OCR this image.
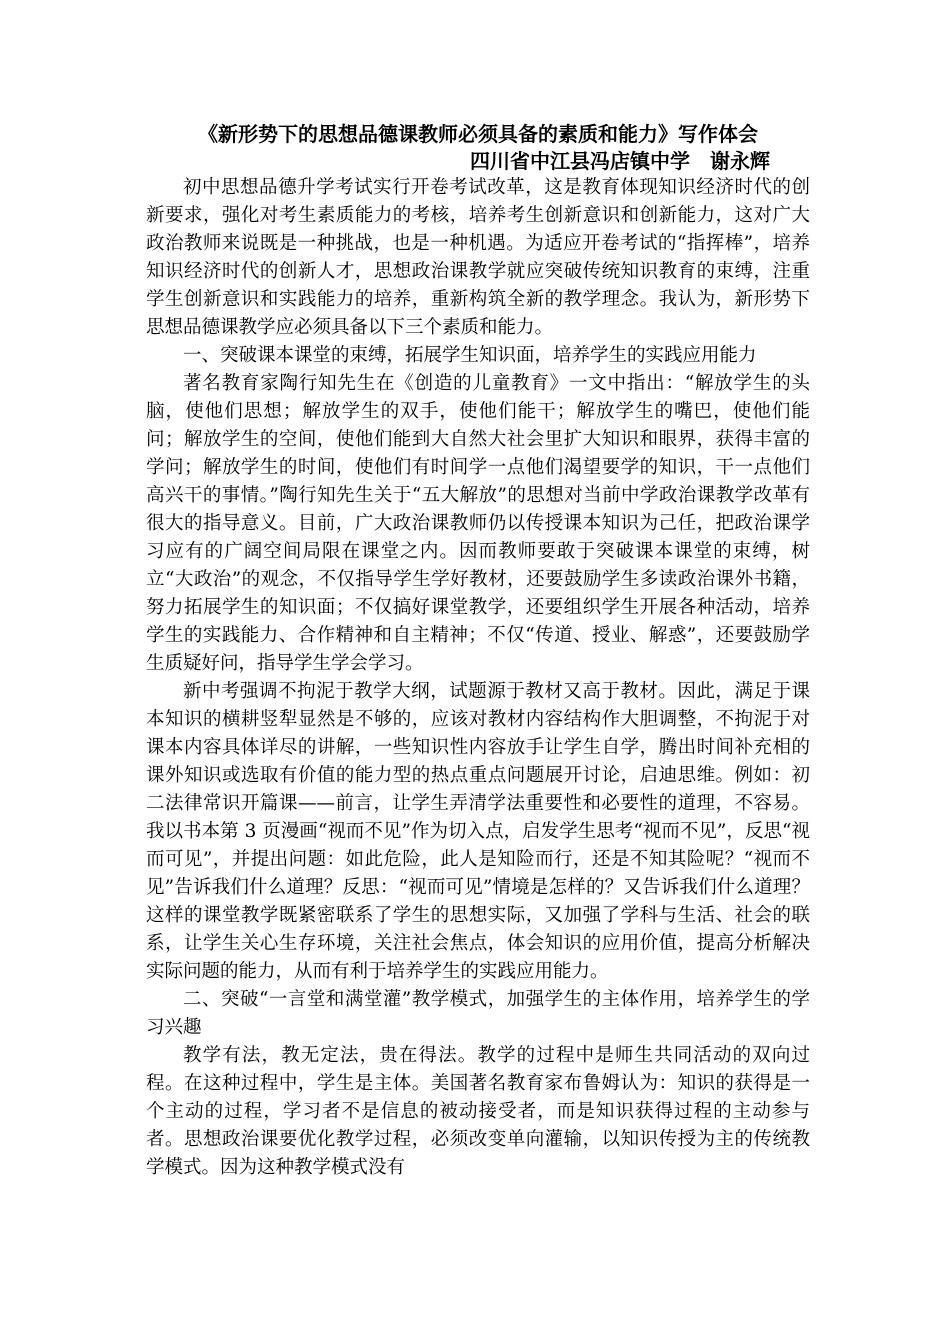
《新形势下的思想品德课教师必须具备的素质和能力》写作体会

四川省中江县冯店镇中学　谢永辉

初中思想品德升学考试实行开卷考试改革，这是教育体现知识经济时代的创新要求，强化对考生素质能力的考核，培养考生创新意识和创新能力，这对广大政治教师来说既是一种挑战，也是一种机遇。为适应开卷考试的“指挥棒”，培养知识经济时代的创新人才，思想政治课教学就应突破传统知识教育的束缚，注重学生创新意识和实践能力的培养，重新构筑全新的教学理念。我认为，新形势下思想品德课教学应必须具备以下三个素质和能力。

一、突破课本课堂的束缚，拓展学生知识面，培养学生的实践应用能力

著名教育家陶行知先生在《创造的儿童教育》一文中指出：“解放学生的头脑，使他们思想；解放学生的双手，使他们能干；解放学生的嘴巴，使他们能问；解放学生的空间，使他们能到大自然大社会里扩大知识和眼界，获得丰富的学问；解放学生的时间，使他们有时间学一点他们渴望要学的知识，干一点他们高兴干的事情。”陶行知先生关于“五大解放”的思想对当前中学政治课教学改革有很大的指导意义。目前，广大政治课教师仍以传授课本知识为己任，把政治课学习应有的广阔空间局限在课堂之内。因而教师要敢于突破课本课堂的束缚，树立“大政治”的观念，不仅指导学生学好教材，还要鼓励学生多读政治课外书籍，努力拓展学生的知识面；不仅搞好课堂教学，还要组织学生开展各种活动，培养学生的实践能力、合作精神和自主精神；不仅“传道、授业、解惑”，还要鼓励学生质疑好问，指导学生学会学习。

新中考强调不拘泥于教学大纲，试题源于教材又高于教材。因此，满足于课本知识的横耕竖犁显然是不够的，应该对教材内容结构作大胆调整，不拘泥于对课本内容具体详尽的讲解，一些知识性内容放手让学生自学，腾出时间补充相的课外知识或选取有价值的能力型的热点重点问题展开讨论，启迪思维。例如：初二法律常识开篇课——前言，让学生弄清学法重要性和必要性的道理，不容易。我以书本第 3 页漫画“视而不见”作为切入点，启发学生思考“视而不见”，反思“视而可见”，并提出问题：如此危险，此人是知险而行，还是不知其险呢？“视而不见”告诉我们什么道理？反思：“视而可见”情境是怎样的？又告诉我们什么道理？这样的课堂教学既紧密联系了学生的思想实际，又加强了学科与生活、社会的联系，让学生关心生存环境，关注社会焦点，体会知识的应用价值，提高分析解决实际问题的能力，从而有利于培养学生的实践应用能力。

二、突破“一言堂和满堂灌”教学模式，加强学生的主体作用，培养学生的学习兴趣

教学有法，教无定法，贵在得法。教学的过程中是师生共同活动的双向过程。在这种过程中，学生是主体。美国著名教育家布鲁姆认为：知识的获得是一个主动的过程，学习者不是信息的被动接受者，而是知识获得过程的主动参与者。思想政治课要优化教学过程，必须改变单向灌输，以知识传授为主的传统教学模式。因为这种教学模式没有
